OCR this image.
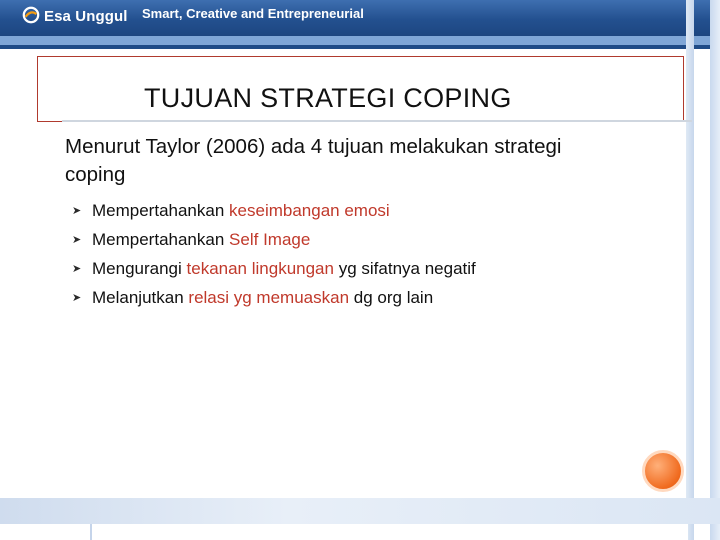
Esa Unggul Smart, Creative and Entrepreneurial
TUJUAN STRATEGI COPING
Menurut Taylor (2006) ada 4 tujuan melakukan strategi coping
➤ Mempertahankan
keseimbangan emosi
➤ Mempertahankan
Self Image
➤ Mengurangi
tekanan lingkungan
yg sifatnya negatif
➤ Melanjutkan
relasi yg memuaskan
dg org lain
